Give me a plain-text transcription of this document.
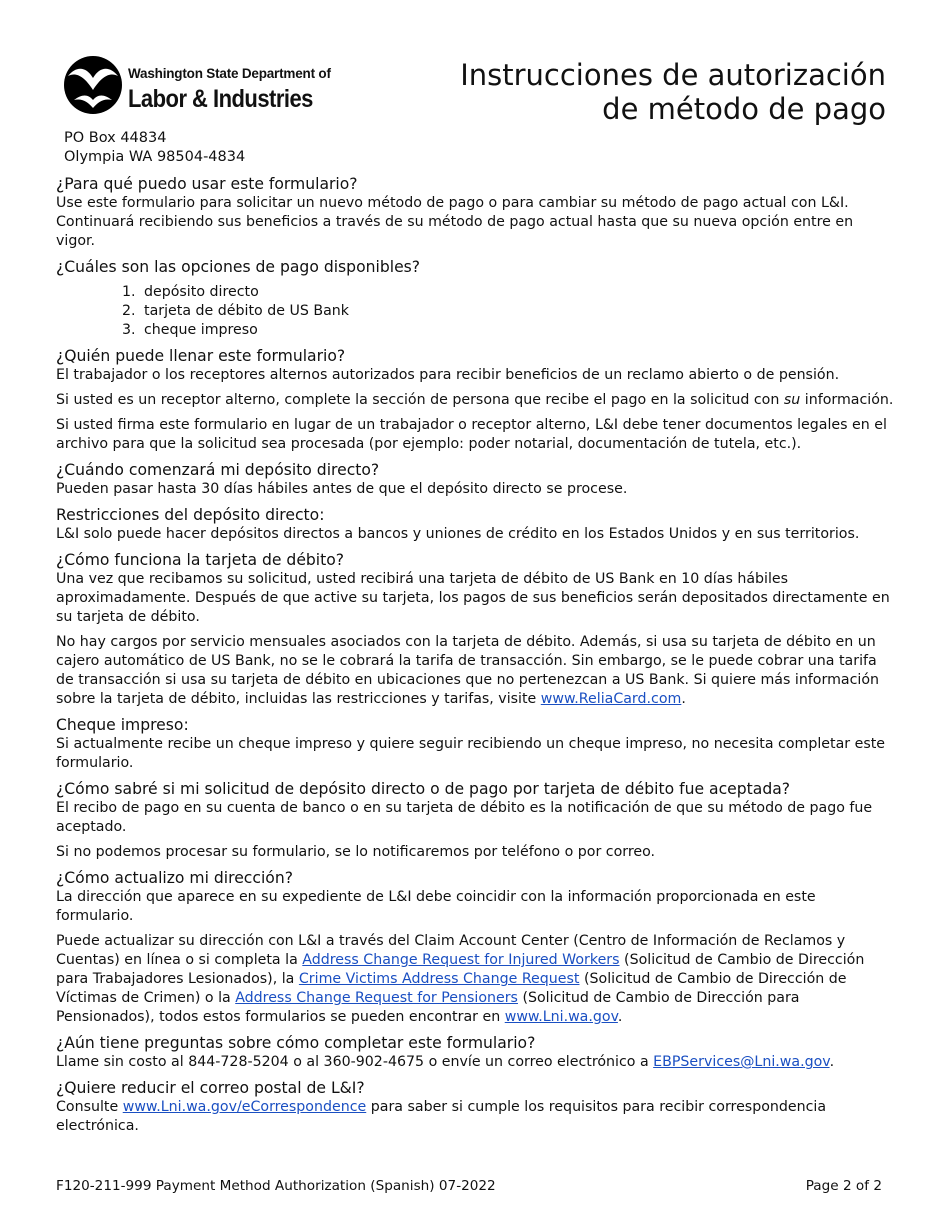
Washington State Department of
Labor & Industries
Instrucciones de autorización
de método de pago
PO Box 44834
Olympia WA 98504-4834
¿Para qué puedo usar este formulario?

Use este formulario para solicitar un nuevo método de pago o para cambiar su método de pago actual con L&I. Continuará recibiendo sus beneficios a través de su método de pago actual hasta que su nueva opción entre en vigor.

¿Cuáles son las opciones de pago disponibles?
1. depósito directo
2. tarjeta de débito de US Bank
3. cheque impreso
¿Quién puede llenar este formulario?

El trabajador o los receptores alternos autorizados para recibir beneficios de un reclamo abierto o de pensión.

Si usted es un receptor alterno, complete la sección de persona que recibe el pago en la solicitud con su información.

Si usted firma este formulario en lugar de un trabajador o receptor alterno, L&I debe tener documentos legales en el archivo para que la solicitud sea procesada (por ejemplo: poder notarial, documentación de tutela, etc.).

¿Cuándo comenzará mi depósito directo?

Pueden pasar hasta 30 días hábiles antes de que el depósito directo se procese.

Restricciones del depósito directo:

L&I solo puede hacer depósitos directos a bancos y uniones de crédito en los Estados Unidos y en sus territorios.

¿Cómo funciona la tarjeta de débito?

Una vez que recibamos su solicitud, usted recibirá una tarjeta de débito de US Bank en 10 días hábiles aproximadamente. Después de que active su tarjeta, los pagos de sus beneficios serán depositados directamente en su tarjeta de débito.

No hay cargos por servicio mensuales asociados con la tarjeta de débito. Además, si usa su tarjeta de débito en un cajero automático de US Bank, no se le cobrará la tarifa de transacción. Sin embargo, se le puede cobrar una tarifa de transacción si usa su tarjeta de débito en ubicaciones que no pertenezcan a US Bank. Si quiere más información sobre la tarjeta de débito, incluidas las restricciones y tarifas, visite www.ReliaCard.com.

Cheque impreso:

Si actualmente recibe un cheque impreso y quiere seguir recibiendo un cheque impreso, no necesita completar este formulario.

¿Cómo sabré si mi solicitud de depósito directo o de pago por tarjeta de débito fue aceptada?

El recibo de pago en su cuenta de banco o en su tarjeta de débito es la notificación de que su método de pago fue aceptado.

Si no podemos procesar su formulario, se lo notificaremos por teléfono o por correo.

¿Cómo actualizo mi dirección?

La dirección que aparece en su expediente de L&I debe coincidir con la información proporcionada en este formulario.

Puede actualizar su dirección con L&I a través del Claim Account Center (Centro de Información de Reclamos y Cuentas) en línea o si completa la Address Change Request for Injured Workers (Solicitud de Cambio de Dirección para Trabajadores Lesionados), la Crime Victims Address Change Request (Solicitud de Cambio de Dirección de Víctimas de Crimen) o la Address Change Request for Pensioners (Solicitud de Cambio de Dirección para Pensionados), todos estos formularios se pueden encontrar en www.Lni.wa.gov.

¿Aún tiene preguntas sobre cómo completar este formulario?

Llame sin costo al 844-728-5204 o al 360-902-4675 o envíe un correo electrónico a EBPServices@Lni.wa.gov.

¿Quiere reducir el correo postal de L&I?

Consulte www.Lni.wa.gov/eCorrespondence para saber si cumple los requisitos para recibir correspondencia electrónica.

F120-211-999 Payment Method Authorization (Spanish) 07-2022	Page 2 of 2
